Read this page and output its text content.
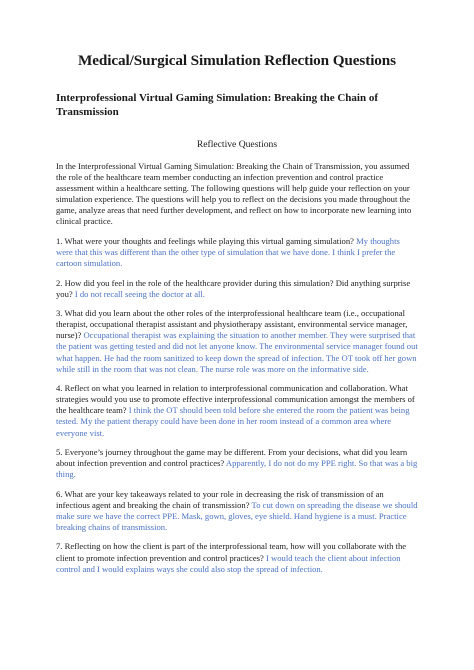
Medical/Surgical Simulation Reflection Questions
Interprofessional Virtual Gaming Simulation: Breaking the Chain of Transmission
Reflective Questions

In the Interprofessional Virtual Gaming Simulation: Breaking the Chain of Transmission, you assumed the role of the healthcare team member conducting an infection prevention and control practice assessment within a healthcare setting. The following questions will help guide your reflection on your simulation experience. The questions will help you to reflect on the decisions you made throughout the game, analyze areas that need further development, and reflect on how to incorporate new learning into clinical practice.

1. What were your thoughts and feelings while playing this virtual gaming simulation? My thoughts were that this was different than the other type of simulation that we have done. I think I prefer the cartoon simulation.

2. How did you feel in the role of the healthcare provider during this simulation? Did anything surprise you? I do not recall seeing the doctor at all.

3. What did you learn about the other roles of the interprofessional healthcare team (i.e., occupational therapist, occupational therapist assistant and physiotherapy assistant, environmental service manager, nurse)? Occupational therapist was explaining the situation to another member. They were surprised that the patient was getting tested and did not let anyone know. The environmental service manager found out what happen. He had the room sanitized to keep down the spread of infection. The OT took off her gown while still in the room that was not clean. The nurse role was more on the informative side.

4. Reflect on what you learned in relation to interprofessional communication and collaboration. What strategies would you use to promote effective interprofessional communication amongst the members of the healthcare team? I think the OT should been told before she entered the room the patient was being tested. My the patient therapy could have been done in her room instead of a common area where everyone vist.

5. Everyone’s journey throughout the game may be different. From your decisions, what did you learn about infection prevention and control practices? Apparently, I do not do my PPE right. So that was a big thing.

6. What are your key takeaways related to your role in decreasing the risk of transmission of an infectious agent and breaking the chain of transmission? To cut down on spreading the disease we should make sure we have the correct PPE. Mask, gown, gloves, eye shield. Hand hygiene is a must. Practice breaking chains of transmission.

7. Reflecting on how the client is part of the interprofessional team, how will you collaborate with the client to promote infection prevention and control practices? I would teach the client about infection control and I would explains ways she could also stop the spread of infection.
